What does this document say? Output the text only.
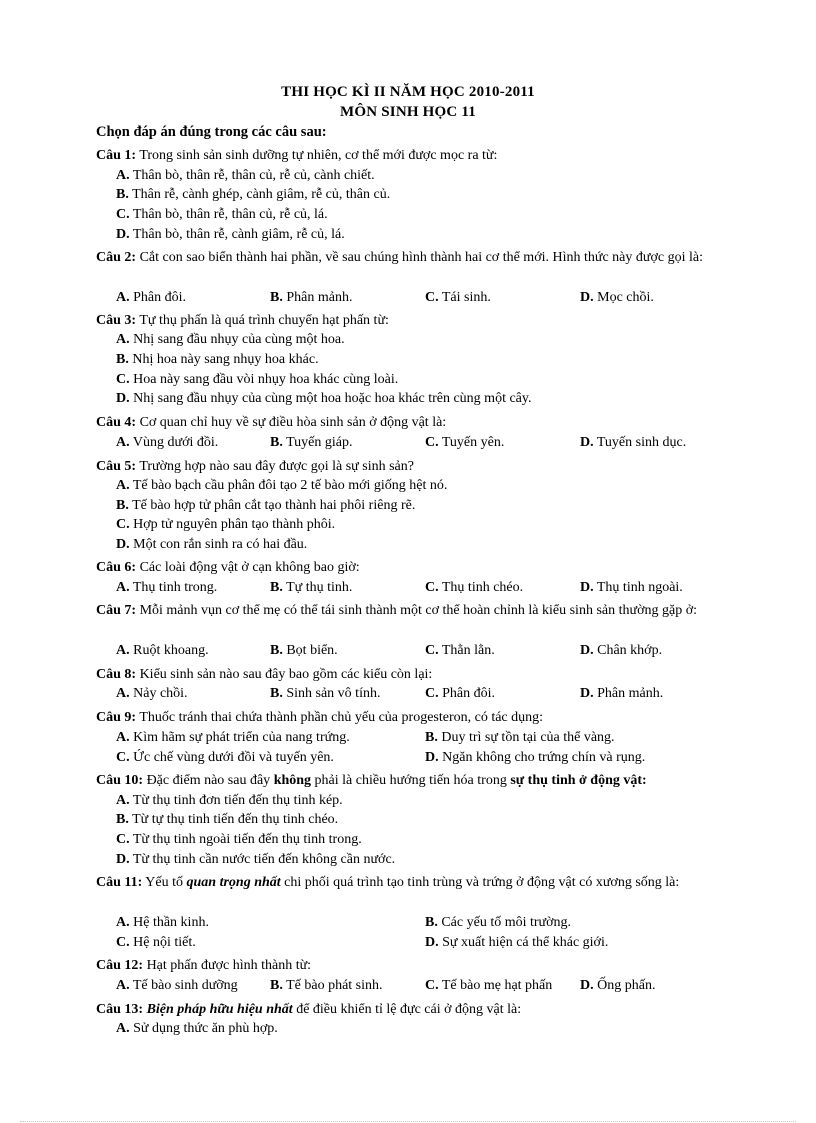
THI HỌC KÌ II NĂM HỌC 2010-2011
MÔN SINH HỌC 11
Chọn đáp án đúng trong các câu sau:
Câu 1: Trong sinh sản sinh dưỡng tự nhiên, cơ thể mới được mọc ra từ:
A. Thân bò, thân rễ, thân củ, rễ củ, cành chiết.
B. Thân rễ, cành ghép, cành giâm, rễ củ, thân củ.
C. Thân bò, thân rễ, thân củ, rễ củ, lá.
D. Thân bò, thân rễ, cành giâm, rễ củ, lá.
Câu 2: Cắt con sao biển thành hai phần, về sau chúng hình thành hai cơ thể mới. Hình thức này được gọi là:
A. Phân đôi.	B. Phân mảnh.	C. Tái sinh.	D. Mọc chồi.
Câu 3: Tự thụ phấn là quá trình chuyển hạt phấn từ:
A. Nhị sang đầu nhụy của cùng một hoa.
B. Nhị hoa này sang nhụy hoa khác.
C. Hoa này sang đầu vòi nhụy hoa khác cùng loài.
D. Nhị sang đầu nhụy của cùng một hoa hoặc hoa khác trên cùng một cây.
Câu 4: Cơ quan chỉ huy về sự điều hòa sinh sản ở động vật là:
A. Vùng dưới đồi.	B. Tuyến giáp.	C. Tuyến yên.	D. Tuyến sinh dục.
Câu 5: Trường hợp nào sau đây được gọi là sự sinh sản?
A. Tế bào bạch cầu phân đôi tạo 2 tế bào mới giống hệt nó.
B. Tế bào hợp tử phân cắt tạo thành hai phôi riêng rẽ.
C. Hợp tử nguyên phân tạo thành phôi.
D. Một con rắn sinh ra có hai đầu.
Câu 6: Các loài động vật ở cạn không bao giờ:
A. Thụ tinh trong.	B. Tự thụ tinh.	C. Thụ tinh chéo.	D. Thụ tinh ngoài.
Câu 7: Mỗi mảnh vụn cơ thể mẹ có thể tái sinh thành một cơ thể hoàn chỉnh là kiểu sinh sản thường gặp ở:
A. Ruột khoang.	B. Bọt biển.	C. Thằn lằn.	D. Chân khớp.
Câu 8: Kiểu sinh sản nào sau đây bao gồm các kiểu còn lại:
A. Nảy chồi.	B. Sinh sản vô tính.	C. Phân đôi.	D. Phân mảnh.
Câu 9: Thuốc tránh thai chứa thành phần chủ yếu của progesteron, có tác dụng:
A. Kìm hãm sự phát triển của nang trứng.	B. Duy trì sự tồn tại của thể vàng.
C. Ức chế vùng dưới đồi và tuyến yên.	D. Ngăn không cho trứng chín và rụng.
Câu 10: Đặc điểm nào sau đây không phải là chiều hướng tiến hóa trong sự thụ tinh ở động vật:
A. Từ thụ tinh đơn tiến đến thụ tinh kép.
B. Từ tự thụ tinh tiến đến thụ tinh chéo.
C. Từ thụ tinh ngoài tiến đến thụ tinh trong.
D. Từ thụ tinh cần nước tiến đến không cần nước.
Câu 11: Yếu tố quan trọng nhất chi phối quá trình tạo tinh trùng và trứng ở động vật có xương sống là:
A. Hệ thần kinh.	B. Các yếu tố môi trường.
C. Hệ nội tiết.	D. Sự xuất hiện cá thể khác giới.
Câu 12: Hạt phấn được hình thành từ:
A. Tế bào sinh dưỡng B. Tế bào phát sinh.	C. Tế bào mẹ hạt phấn D. Ống phấn.
Câu 13: Biện pháp hữu hiệu nhất để điều khiển tỉ lệ đực cái ở động vật là:
A. Sử dụng thức ăn phù hợp.
